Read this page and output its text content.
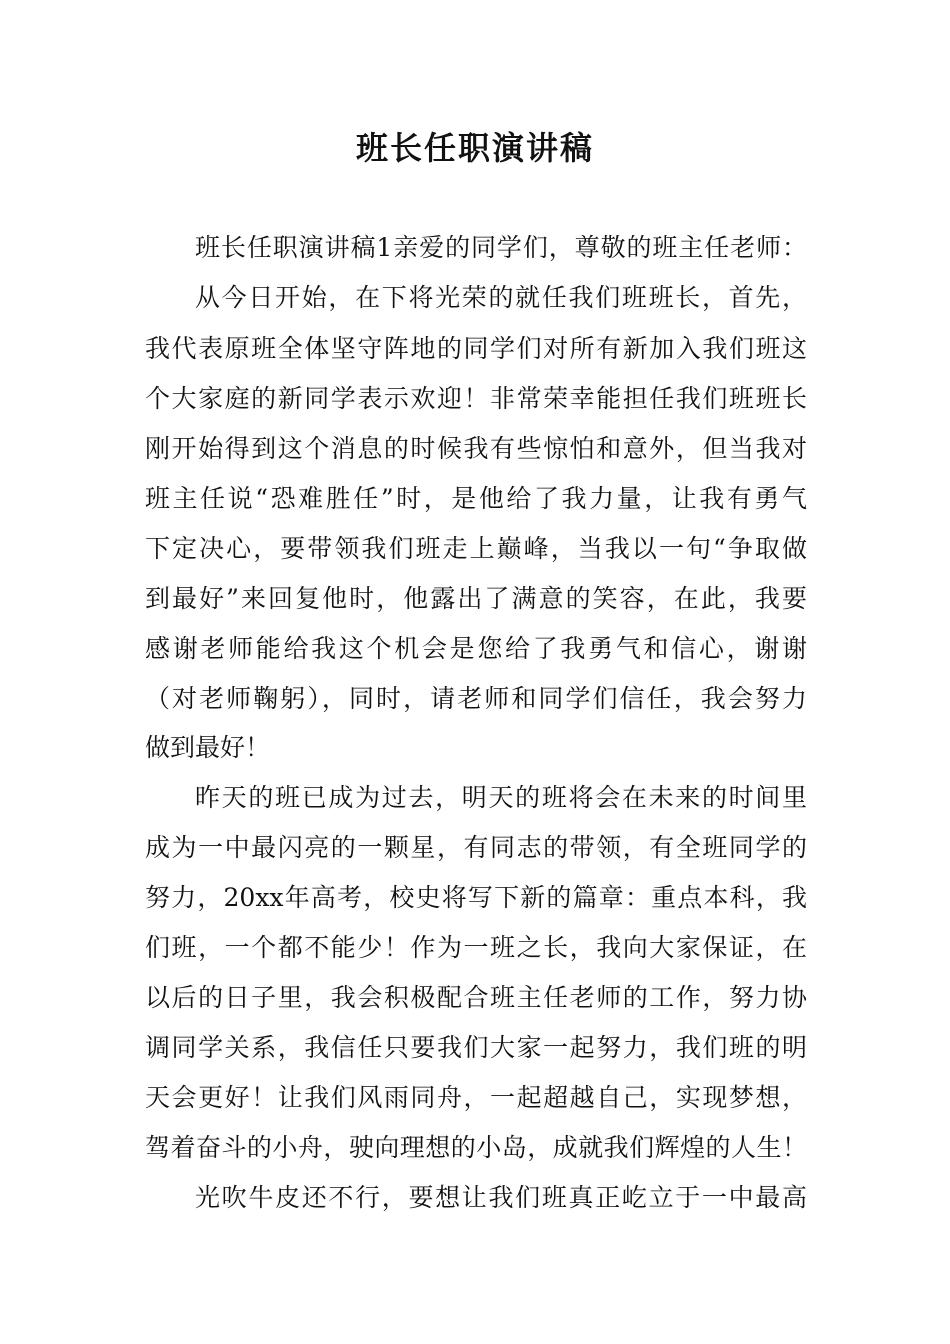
班长任职演讲稿
班长任职演讲稿1亲爱的同学们，尊敬的班主任老师：
从今日开始，在下将光荣的就任我们班班长，首先，
我代表原班全体坚守阵地的同学们对所有新加入我们班这
个大家庭的新同学表示欢迎！非常荣幸能担任我们班班长
刚开始得到这个消息的时候我有些惊怕和意外，但当我对
班主任说“恐难胜任”时，是他给了我力量，让我有勇气
下定决心，要带领我们班走上巅峰，当我以一句“争取做
到最好”来回复他时，他露出了满意的笑容，在此，我要
感谢老师能给我这个机会是您给了我勇气和信心，谢谢
（对老师鞠躬），同时，请老师和同学们信任，我会努力
做到最好！
昨天的班已成为过去，明天的班将会在未来的时间里
成为一中最闪亮的一颗星，有同志的带领，有全班同学的
努力，20xx年高考，校史将写下新的篇章：重点本科，我
们班，一个都不能少！作为一班之长，我向大家保证，在
以后的日子里，我会积极配合班主任老师的工作，努力协
调同学关系，我信任只要我们大家一起努力，我们班的明
天会更好！让我们风雨同舟，一起超越自己，实现梦想，
驾着奋斗的小舟，驶向理想的小岛，成就我们辉煌的人生！
光吹牛皮还不行，要想让我们班真正屹立于一中最高
